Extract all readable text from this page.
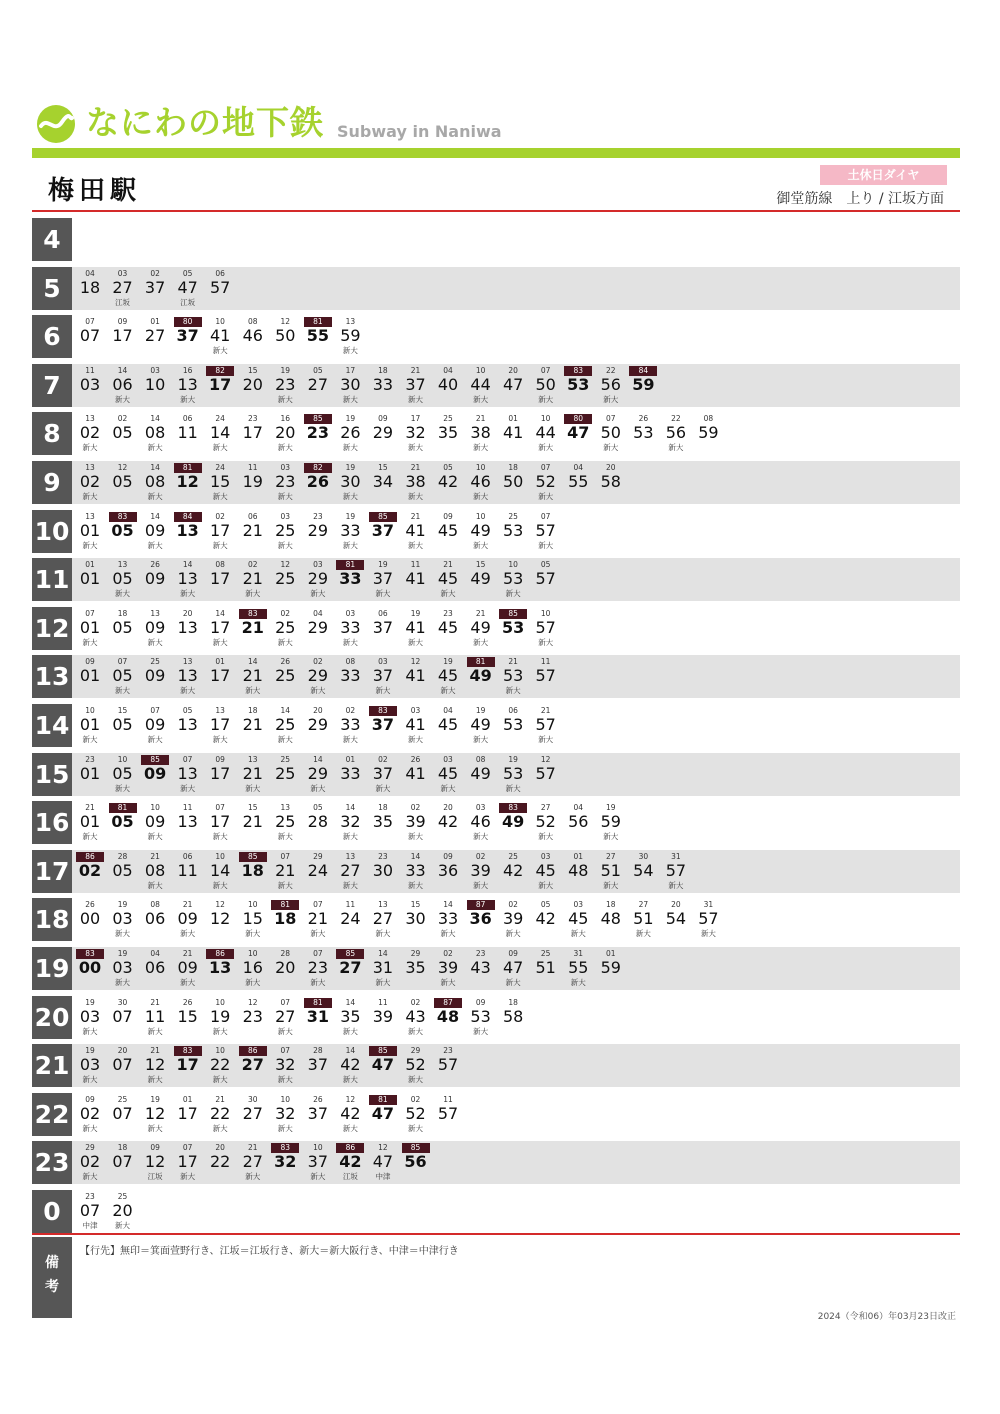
なにわの地下鉄 Subway in Naniwa
梅田駅
土休日ダイヤ
御堂筋線　上り / 江坂方面
4
5
04
18
03
27
江坂
02
37
05
47
江坂
06
57
6
07
07
09
17
01
27
80
37
10
41
新大
08
46
12
50
81
55
13
59
新大
7
11
03
14
06
新大
03
10
16
13
新大
82
17
15
20
19
23
新大
05
27
17
30
新大
18
33
21
37
新大
04
40
10
44
新大
20
47
07
50
新大
83
53
22
56
新大
84
59
8
13
02
新大
02
05
14
08
新大
06
11
24
14
新大
23
17
16
20
新大
85
23
19
26
新大
09
29
17
32
新大
25
35
21
38
新大
01
41
10
44
新大
80
47
07
50
新大
26
53
22
56
新大
08
59
9
13
02
新大
12
05
14
08
新大
81
12
24
15
新大
11
19
03
23
新大
82
26
19
30
新大
15
34
21
38
新大
05
42
10
46
新大
18
50
07
52
新大
04
55
20
58
10
13
01
新大
83
05
14
09
新大
84
13
02
17
新大
06
21
03
25
新大
23
29
19
33
新大
85
37
21
41
新大
09
45
10
49
新大
25
53
07
57
新大
11
01
01
13
05
新大
26
09
14
13
新大
08
17
02
21
新大
12
25
03
29
新大
81
33
19
37
新大
11
41
21
45
新大
15
49
10
53
新大
05
57
12
07
01
新大
18
05
13
09
新大
20
13
14
17
新大
83
21
02
25
新大
04
29
03
33
新大
06
37
19
41
新大
23
45
21
49
新大
85
53
10
57
新大
13
09
01
07
05
新大
25
09
13
13
新大
01
17
14
21
新大
26
25
02
29
新大
08
33
03
37
新大
12
41
19
45
新大
81
49
21
53
新大
11
57
14
10
01
新大
15
05
07
09
新大
05
13
13
17
新大
18
21
14
25
新大
20
29
02
33
新大
83
37
03
41
新大
04
45
19
49
新大
06
53
21
57
新大
15
23
01
10
05
新大
85
09
07
13
新大
09
17
13
21
新大
25
25
14
29
新大
01
33
02
37
新大
26
41
03
45
新大
08
49
19
53
新大
12
57
16
21
01
新大
81
05
10
09
新大
11
13
07
17
新大
15
21
13
25
新大
05
28
14
32
新大
18
35
02
39
新大
20
42
03
46
新大
83
49
27
52
新大
04
56
19
59
新大
17
86
02
28
05
21
08
新大
06
11
10
14
新大
85
18
07
21
新大
29
24
13
27
新大
23
30
14
33
新大
09
36
02
39
新大
25
42
03
45
新大
01
48
27
51
新大
30
54
31
57
新大
18
26
00
19
03
新大
08
06
21
09
新大
12
12
10
15
新大
81
18
07
21
新大
11
24
13
27
新大
15
30
14
33
新大
87
36
02
39
新大
05
42
03
45
新大
18
48
27
51
新大
20
54
31
57
新大
19
83
00
19
03
新大
04
06
21
09
新大
86
13
10
16
新大
28
20
07
23
新大
85
27
14
31
新大
29
35
02
39
新大
23
43
09
47
新大
25
51
31
55
新大
01
59
20
19
03
新大
30
07
21
11
新大
26
15
10
19
新大
12
23
07
27
新大
81
31
14
35
新大
11
39
02
43
新大
87
48
09
53
新大
18
58
21
19
03
新大
20
07
21
12
新大
83
17
10
22
新大
86
27
07
32
新大
28
37
14
42
新大
85
47
29
52
新大
23
57
22
09
02
新大
25
07
19
12
新大
01
17
21
22
新大
30
27
10
32
新大
26
37
12
42
新大
81
47
02
52
新大
11
57
23
29
02
新大
18
07
09
12
江坂
07
17
新大
20
22
21
27
新大
83
32
10
37
新大
86
42
江坂
12
47
中津
85
56
0
23
07
中津
25
20
新大
備
考
【行先】無印＝箕面萱野行き、江坂＝江坂行き、新大＝新大阪行き、中津＝中津行き
2024（令和06）年03月23日改正
